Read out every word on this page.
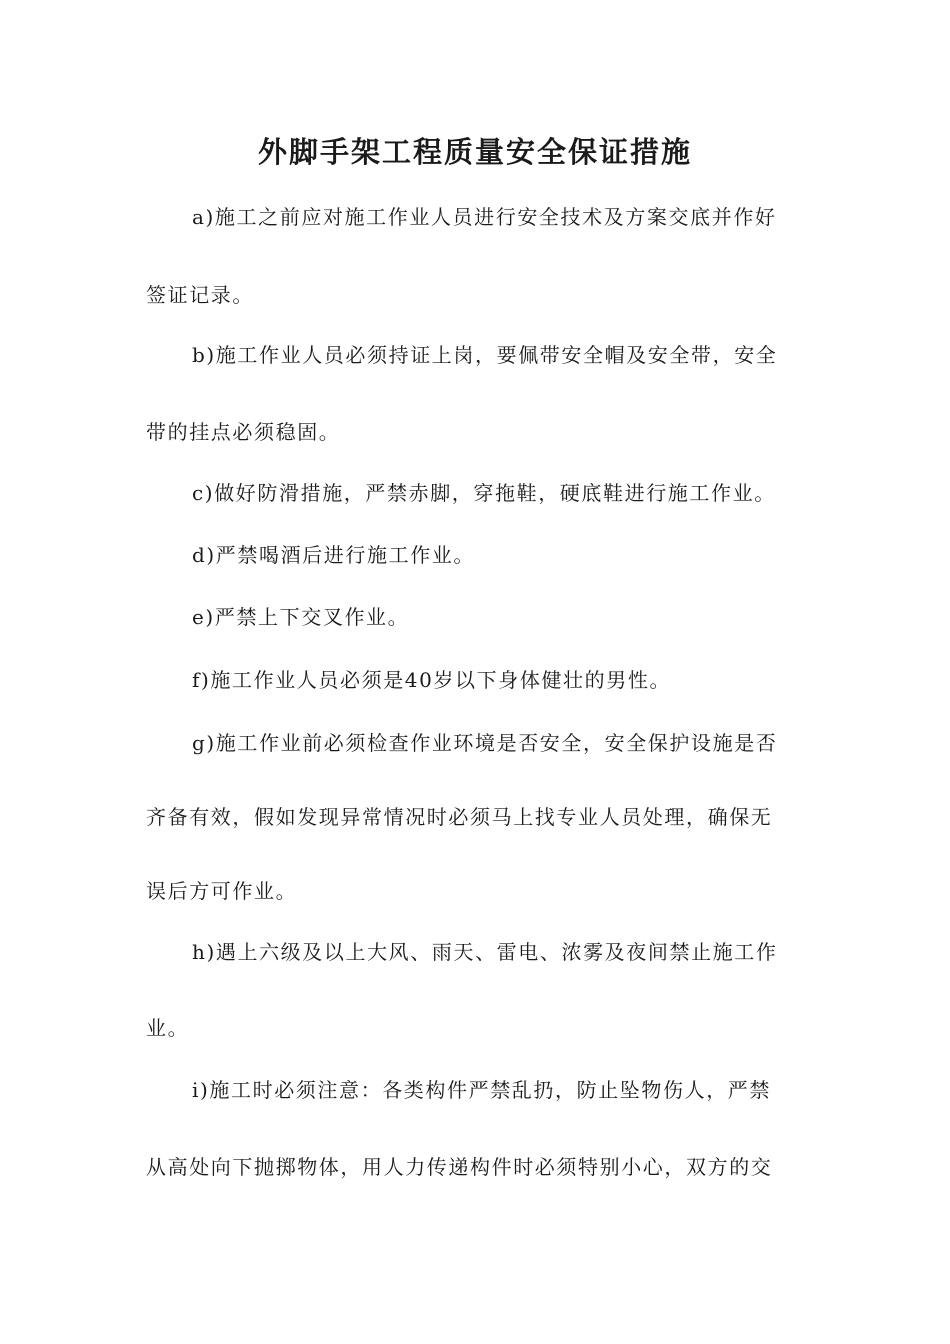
外脚手架工程质量安全保证措施
a)施工之前应对施工作业人员进行安全技术及方案交底并作好
签证记录。
b)施工作业人员必须持证上岗，要佩带安全帽及安全带，安全
带的挂点必须稳固。
c)做好防滑措施，严禁赤脚，穿拖鞋，硬底鞋进行施工作业。
d)严禁喝酒后进行施工作业。
e)严禁上下交叉作业。
f)施工作业人员必须是40岁以下身体健壮的男性。
g)施工作业前必须检查作业环境是否安全，安全保护设施是否
齐备有效，假如发现异常情况时必须马上找专业人员处理，确保无
误后方可作业。
h)遇上六级及以上大风、雨天、雷电、浓雾及夜间禁止施工作
业。
i)施工时必须注意：各类构件严禁乱扔，防止坠物伤人，严禁
从高处向下抛掷物体，用人力传递构件时必须特别小心，双方的交
